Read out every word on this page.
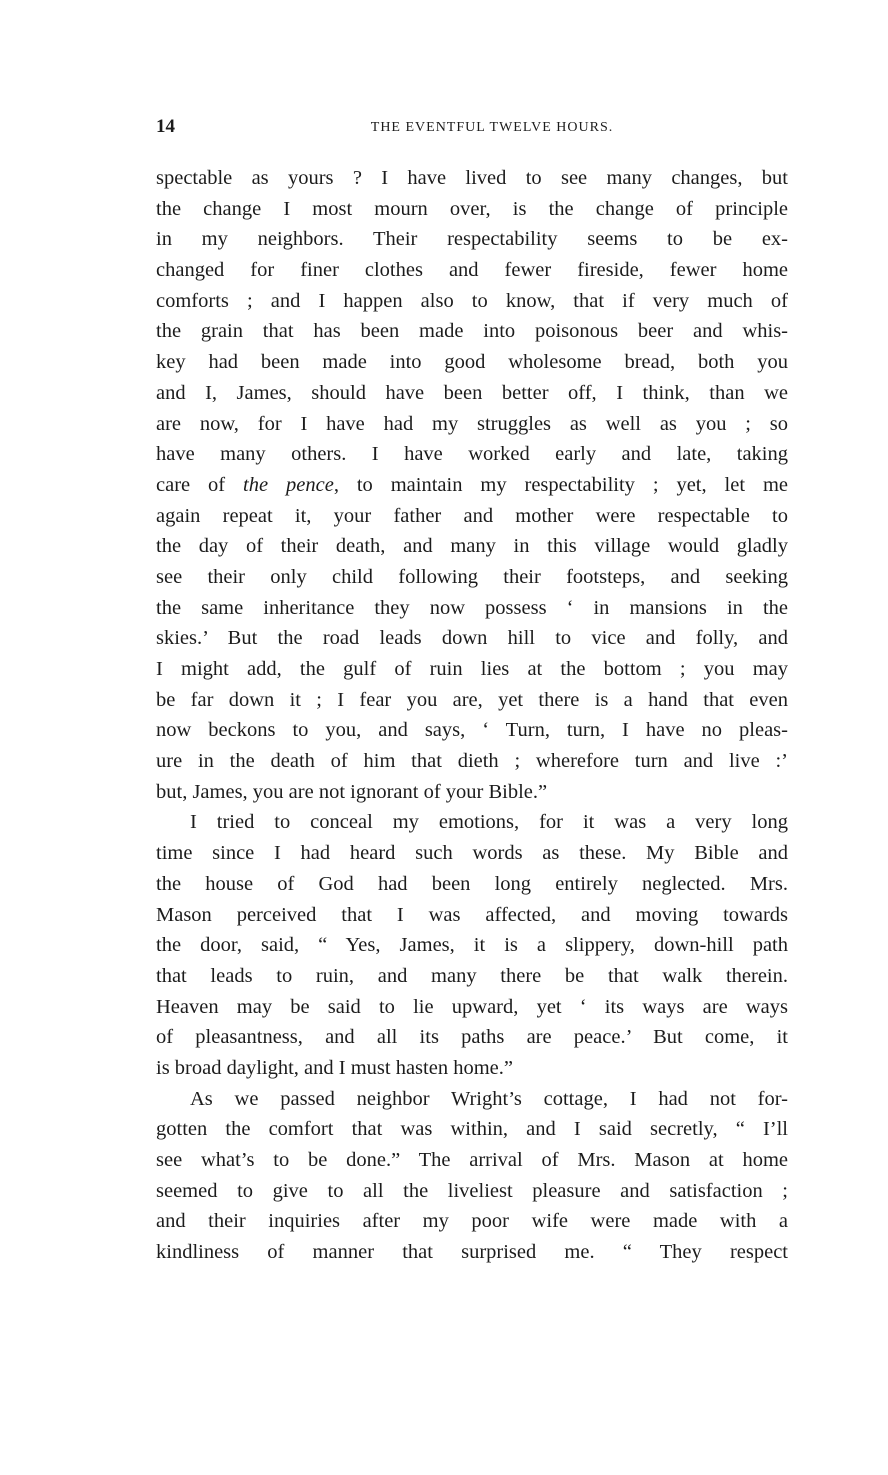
14	THE EVENTFUL TWELVE HOURS.
spectable as yours ? I have lived to see many changes, but
the change I most mourn over, is the change of principle
in my neighbors. Their respectability seems to be ex-
changed for finer clothes and fewer fireside, fewer home
comforts ; and I happen also to know, that if very much of
the grain that has been made into poisonous beer and whis-
key had been made into good wholesome bread, both you
and I, James, should have been better off, I think, than we
are now, for I have had my struggles as well as you ; so
have many others. I have worked early and late, taking
care of the pence, to maintain my respectability ; yet, let me
again repeat it, your father and mother were respectable to
the day of their death, and many in this village would gladly
see their only child following their footsteps, and seeking
the same inheritance they now possess ‘ in mansions in the
skies.’ But the road leads down hill to vice and folly, and
I might add, the gulf of ruin lies at the bottom ; you may
be far down it ; I fear you are, yet there is a hand that even
now beckons to you, and says, ‘ Turn, turn, I have no pleas-
ure in the death of him that dieth ; wherefore turn and live :’
but, James, you are not ignorant of your Bible.”
I tried to conceal my emotions, for it was a very long
time since I had heard such words as these. My Bible and
the house of God had been long entirely neglected. Mrs.
Mason perceived that I was affected, and moving towards
the door, said, “ Yes, James, it is a slippery, down-hill path
that leads to ruin, and many there be that walk therein.
Heaven may be said to lie upward, yet ‘ its ways are ways
of pleasantness, and all its paths are peace.’ But come, it
is broad daylight, and I must hasten home.”
As we passed neighbor Wright’s cottage, I had not for-
gotten the comfort that was within, and I said secretly, “ I’ll
see what’s to be done.” The arrival of Mrs. Mason at home
seemed to give to all the liveliest pleasure and satisfaction ;
and their inquiries after my poor wife were made with a
kindliness of manner that surprised me. “ They respect
